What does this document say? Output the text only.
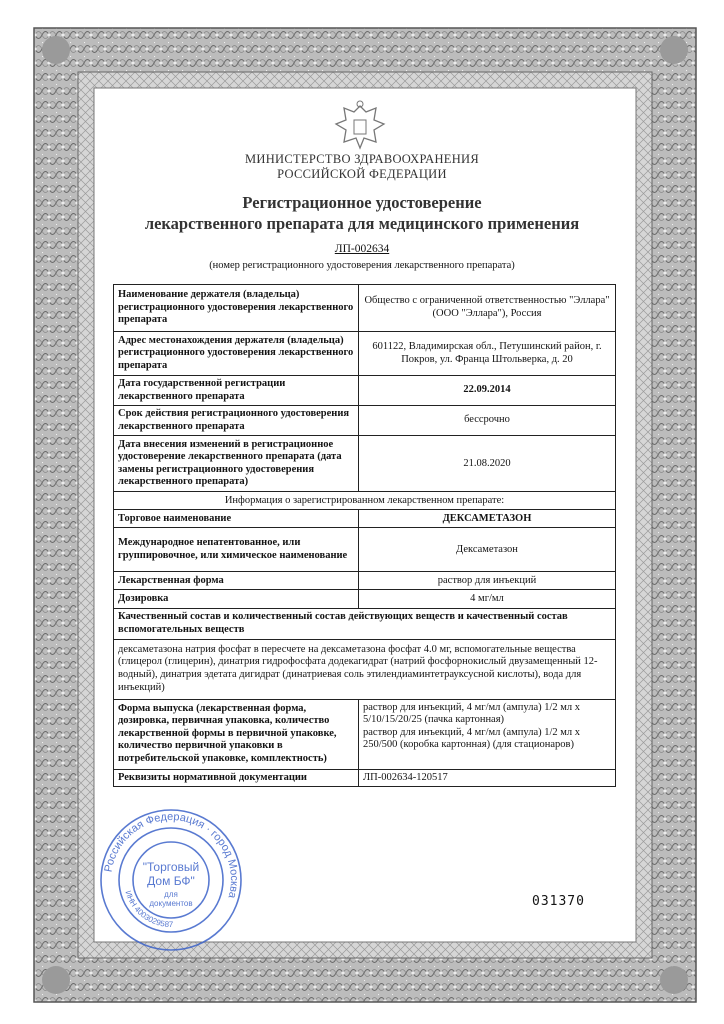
МИНИСТЕРСТВО ЗДРАВООХРАНЕНИЯ
РОССИЙСКОЙ ФЕДЕРАЦИИ
Регистрационное удостоверение
лекарственного препарата для медицинского применения
ЛП-002634
(номер регистрационного удостоверения лекарственного препарата)
Наименование держателя (владельца) регистрационного удостоверения лекарственного препарата	Общество с ограниченной ответственностью "Эллара" (ООО "Эллара"), Россия
Адрес местонахождения держателя (владельца) регистрационного удостоверения лекарственного препарата	601122, Владимирская обл., Петушинский район, г. Покров, ул. Франца Штольверка, д. 20
Дата государственной регистрации лекарственного препарата	22.09.2014
Срок действия регистрационного удостоверения лекарственного препарата	бессрочно
Дата внесения изменений в регистрационное удостоверение лекарственного препарата (дата замены регистрационного удостоверения лекарственного препарата)	21.08.2020
Информация о зарегистрированном лекарственном препарате:	
Торговое наименование	ДЕКСАМЕТАЗОН
Международное непатентованное, или группировочное, или химическое наименование	Дексаметазон
Лекарственная форма	раствор для инъекций
Дозировка	4 мг/мл
Качественный состав и количественный состав действующих веществ и качественный состав вспомогательных веществ	
дексаметазона натрия фосфат в пересчете на дексаметазона фосфат 4.0 мг, вспомогательные вещества (глицерол (глицерин), динатрия гидрофосфата додекагидрат (натрий фосфорнокислый двузамещенный 12-водный), динатрия эдетата дигидрат (динатриевая соль этилендиаминтетрауксусной кислоты), вода для инъекций)	
Форма выпуска (лекарственная форма, дозировка, первичная упаковка, количество лекарственной формы в первичной упаковке, количество первичной упаковки в потребительской упаковке, комплектность)	раствор для инъекций, 4 мг/мл (ампула) 1/2 мл x 5/10/15/20/25 (пачка картонная)
раствор для инъекций, 4 мг/мл (ампула) 1/2 мл x 250/500 (коробка картонная) (для стационаров)

Реквизиты нормативной документации	ЛП-002634-120517
Российская Федерация · город Москва
ИНН 4003029587
"Торговый
Дом БФ"
для
документов	031370
